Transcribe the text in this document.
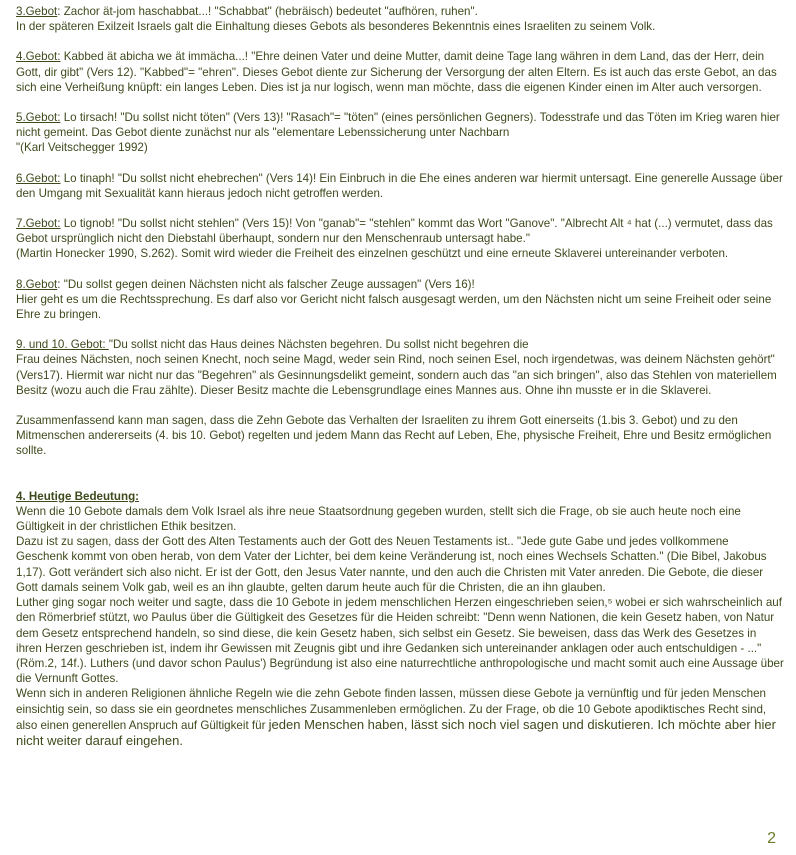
3.Gebot: Zachor ät-jom haschabbat...! "Schabbat" (hebräisch) bedeutet "aufhören, ruhen".
In der späteren Exilzeit Israels galt die Einhaltung dieses Gebots als besonderes Bekenntnis eines Israeliten zu seinem Volk.

4.Gebot: Kabbed ät abicha we ät immächa...! "Ehre deinen Vater und deine Mutter, damit deine Tage lang währen in dem Land, das der Herr, dein Gott, dir gibt" (Vers 12). "Kabbed"= "ehren". Dieses Gebot diente zur Sicherung der Versorgung der alten Eltern. Es ist auch das erste Gebot, an das sich eine Verheißung knüpft: ein langes Leben. Dies ist ja nur logisch, wenn man möchte, dass die eigenen Kinder einen im Alter auch versorgen.

5.Gebot: Lo tirsach! "Du sollst nicht töten" (Vers 13)! "Rasach"= "töten" (eines persönlichen Gegners). Todesstrafe und das Töten im Krieg waren hier nicht gemeint. Das Gebot diente zunächst nur als "elementare Lebenssicherung unter Nachbarn
"(Karl Veitschegger 1992)

6.Gebot: Lo tinaph! "Du sollst nicht ehebrechen" (Vers 14)! Ein Einbruch in die Ehe eines anderen war hiermit untersagt. Eine generelle Aussage über den Umgang mit Sexualität kann hieraus jedoch nicht getroffen werden.

7.Gebot: Lo tignob! "Du sollst nicht stehlen" (Vers 15)! Von "ganab"= "stehlen" kommt das Wort "Ganove". "Albrecht Alt ⁴ hat (...) vermutet, dass das Gebot ursprünglich nicht den Diebstahl überhaupt, sondern nur den Menschenraub untersagt habe."
(Martin Honecker 1990, S.262). Somit wird wieder die Freiheit des einzelnen geschützt und eine erneute Sklaverei untereinander verboten.

8.Gebot: "Du sollst gegen deinen Nächsten nicht als falscher Zeuge aussagen" (Vers 16)!
Hier geht es um die Rechtssprechung. Es darf also vor Gericht nicht falsch ausgesagt werden, um den Nächsten nicht um seine Freiheit oder seine Ehre zu bringen.

9. und 10. Gebot: "Du sollst nicht das Haus deines Nächsten begehren. Du sollst nicht begehren die
Frau deines Nächsten, noch seinen Knecht, noch seine Magd, weder sein Rind, noch seinen Esel, noch irgendetwas, was deinem Nächsten gehört" (Vers17). Hiermit war nicht nur das "Begehren" als Gesinnungsdelikt gemeint, sondern auch das "an sich bringen", also das Stehlen von materiellem Besitz (wozu auch die Frau zählte). Dieser Besitz machte die Lebensgrundlage eines Mannes aus. Ohne ihn musste er in die Sklaverei.

Zusammenfassend kann man sagen, dass die Zehn Gebote das Verhalten der Israeliten zu ihrem Gott einerseits (1.bis 3. Gebot) und zu den Mitmenschen andererseits (4. bis 10. Gebot) regelten und jedem Mann das Recht auf Leben, Ehe, physische Freiheit, Ehre und Besitz ermöglichen sollte.

4. Heutige Bedeutung:

Wenn die 10 Gebote damals dem Volk Israel als ihre neue Staatsordnung gegeben wurden, stellt sich die Frage, ob sie auch heute noch eine Gültigkeit in der christlichen Ethik besitzen.
Dazu ist zu sagen, dass der Gott des Alten Testaments auch der Gott des Neuen Testaments ist.. "Jede gute Gabe und jedes vollkommene Geschenk kommt von oben herab, von dem Vater der Lichter, bei dem keine Veränderung ist, noch eines Wechsels Schatten." (Die Bibel, Jakobus 1,17). Gott verändert sich also nicht. Er ist der Gott, den Jesus Vater nannte, und den auch die Christen mit Vater anreden. Die Gebote, die dieser Gott damals seinem Volk gab, weil es an ihn glaubte, gelten darum heute auch für die Christen, die an ihn glauben.
Luther ging sogar noch weiter und sagte, dass die 10 Gebote in jedem menschlichen Herzen eingeschrieben seien,⁵ wobei er sich wahrscheinlich auf den Römerbrief stützt, wo Paulus über die Gültigkeit des Gesetzes für die Heiden schreibt: "Denn wenn Nationen, die kein Gesetz haben, von Natur dem Gesetz entsprechend handeln, so sind diese, die kein Gesetz haben, sich selbst ein Gesetz. Sie beweisen, dass das Werk des Gesetzes in ihren Herzen geschrieben ist, indem ihr Gewissen mit Zeugnis gibt und ihre Gedanken sich untereinander anklagen oder auch entschuldigen - ..." (Röm.2, 14f.). Luthers (und davor schon Paulus') Begründung ist also eine naturrechtliche anthropologische und macht somit auch eine Aussage über die Vernunft Gottes.
Wenn sich in anderen Religionen ähnliche Regeln wie die zehn Gebote finden lassen, müssen diese Gebote ja vernünftig und für jeden Menschen einsichtig sein, so dass sie ein geordnetes menschliches Zusammenleben ermöglichen. Zu der Frage, ob die 10 Gebote apodiktisches Recht sind, also einen generellen Anspruch auf Gültigkeit für jeden Menschen haben, lässt sich noch viel sagen und diskutieren. Ich möchte aber hier nicht weiter darauf eingehen.

2
